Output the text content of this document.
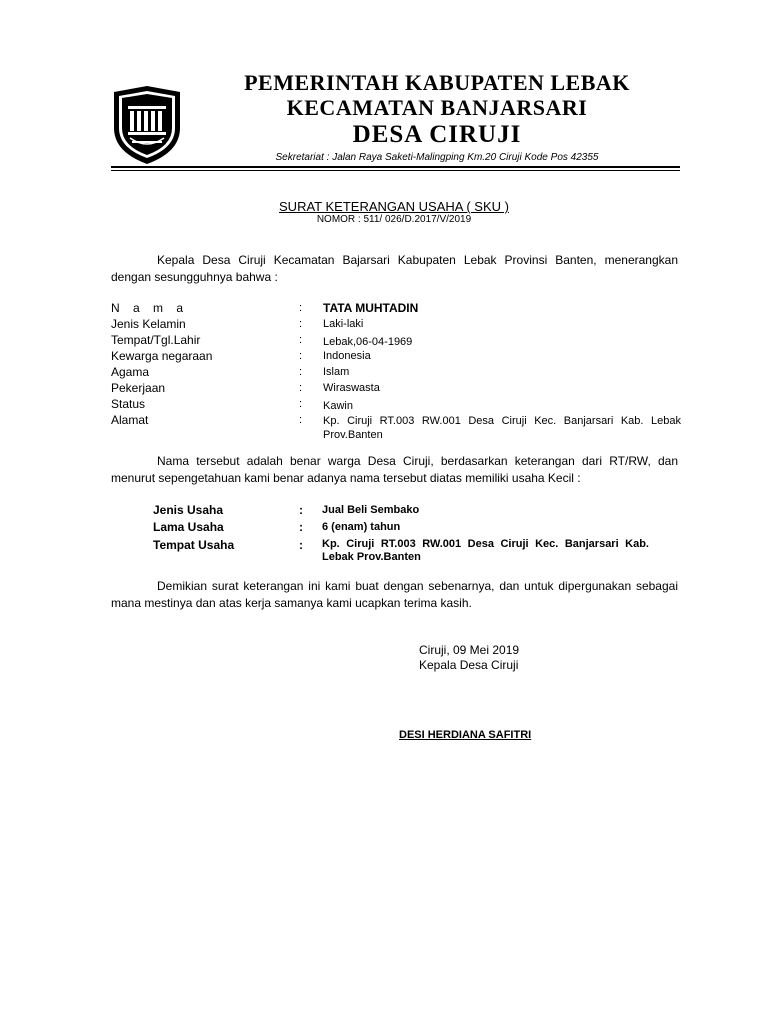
PEMERINTAH KABUPATEN LEBAK
KECAMATAN BANJARSARI
DESA CIRUJI
Sekretariat : Jalan Raya Saketi-Malingping Km.20 Ciruji Kode Pos 42355
SURAT KETERANGAN USAHA ( SKU )
NOMOR : 511/ 026/D.2017/V/2019

Kepala Desa Ciruji Kecamatan Bajarsari Kabupaten Lebak Provinsi Banten, menerangkan dengan sesungguhnya bahwa :

N a m a	: TATA MUHTADIN
Jenis Kelamin	: Laki-laki
Tempat/Tgl.Lahir	: Lebak,06-04-1969
Kewarga negaraan	: Indonesia
Agama	: Islam
Pekerjaan	: Wiraswasta
Status	: Kawin
Alamat	: Kp. Ciruji RT.003 RW.001 Desa Ciruji Kec. Banjarsari Kab. Lebak Prov.Banten

Nama tersebut adalah benar warga Desa Ciruji, berdasarkan keterangan dari RT/RW, dan menurut sepengetahuan kami benar adanya nama tersebut diatas memiliki usaha Kecil :

Jenis Usaha	: Jual Beli Sembako
Lama Usaha	: 6 (enam) tahun
Tempat Usaha	: Kp. Ciruji RT.003 RW.001 Desa Ciruji Kec. Banjarsari Kab. Lebak Prov.Banten

Demikian surat keterangan ini kami buat dengan sebenarnya, dan untuk dipergunakan sebagai mana mestinya dan atas kerja samanya kami ucapkan terima kasih.

Ciruji, 09 Mei 2019
Kepala Desa Ciruji
DESI HERDIANA SAFITRI
